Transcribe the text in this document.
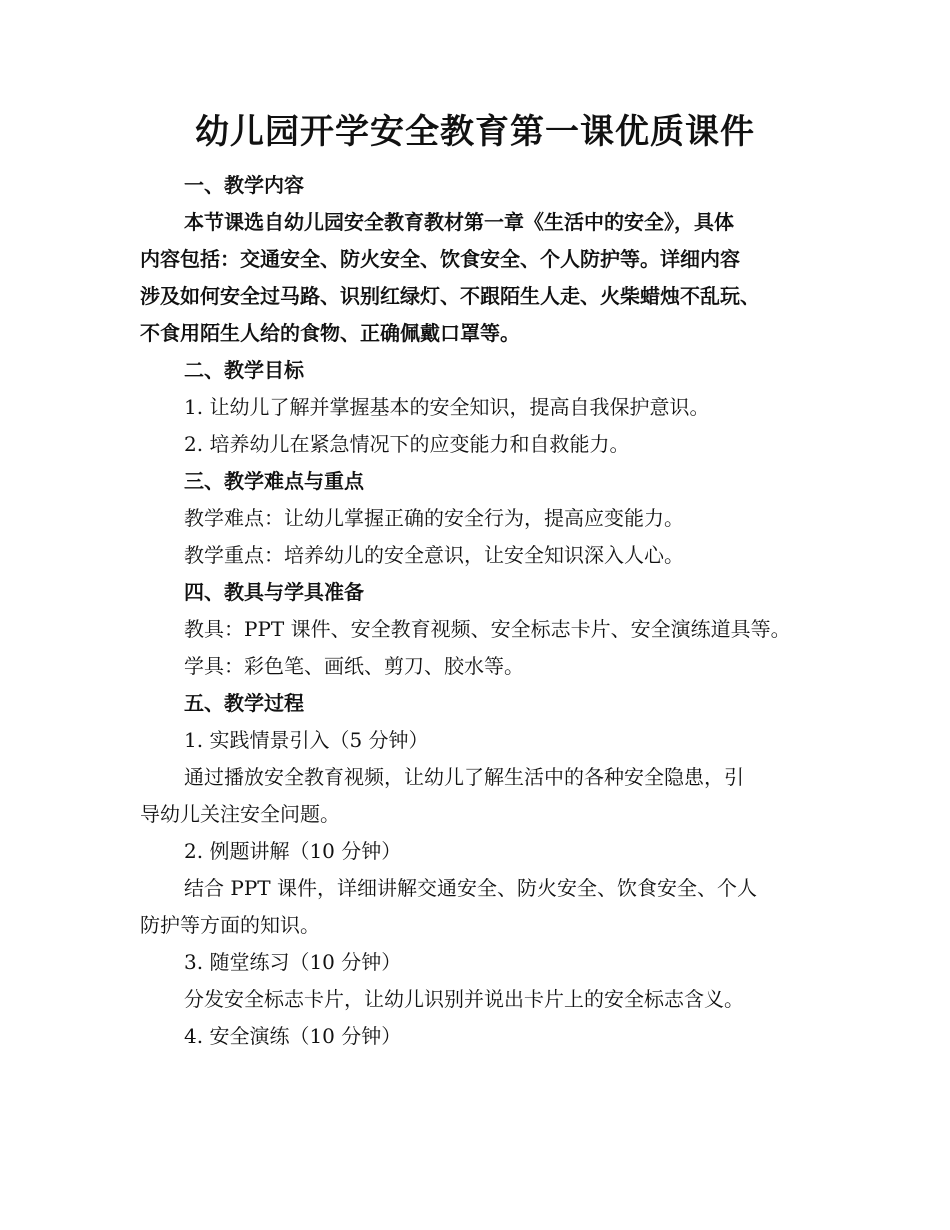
幼儿园开学安全教育第一课优质课件
一、教学内容
本节课选自幼儿园安全教育教材第一章《生活中的安全》，具体
内容包括：交通安全、防火安全、饮食安全、个人防护等。详细内容
涉及如何安全过马路、识别红绿灯、不跟陌生人走、火柴蜡烛不乱玩、
不食用陌生人给的食物、正确佩戴口罩等。
二、教学目标
1. 让幼儿了解并掌握基本的安全知识，提高自我保护意识。
2. 培养幼儿在紧急情况下的应变能力和自救能力。
三、教学难点与重点
教学难点：让幼儿掌握正确的安全行为，提高应变能力。
教学重点：培养幼儿的安全意识，让安全知识深入人心。
四、教具与学具准备
教具：PPT 课件、安全教育视频、安全标志卡片、安全演练道具等。
学具：彩色笔、画纸、剪刀、胶水等。
五、教学过程
1. 实践情景引入（5 分钟）
通过播放安全教育视频，让幼儿了解生活中的各种安全隐患，引
导幼儿关注安全问题。
2. 例题讲解（10 分钟）
结合 PPT 课件，详细讲解交通安全、防火安全、饮食安全、个人
防护等方面的知识。
3. 随堂练习（10 分钟）
分发安全标志卡片，让幼儿识别并说出卡片上的安全标志含义。
4. 安全演练（10 分钟）
